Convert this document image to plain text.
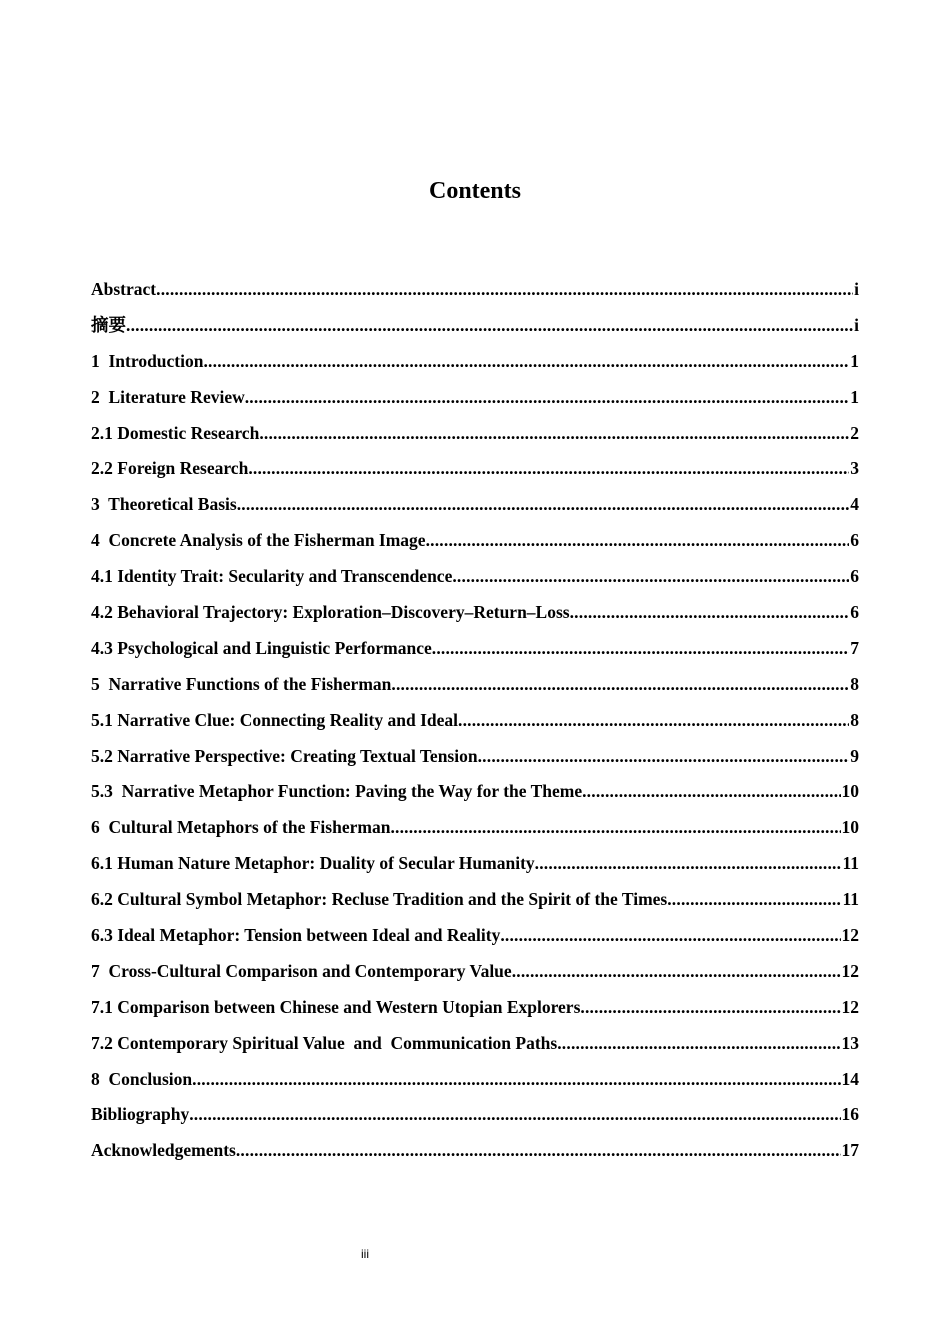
Contents
Abstract .....	i
摘要 .....	i
1  Introduction .....	1
2  Literature Review .....	1
2.1 Domestic Research .....	2
2.2 Foreign Research .....	3
3  Theoretical Basis .....	4
4  Concrete Analysis of the Fisherman Image .....	6
4.1 Identity Trait: Secularity and Transcendence .....	6
4.2 Behavioral Trajectory: Exploration–Discovery–Return–Loss .....	6
4.3 Psychological and Linguistic Performance .....	7
5  Narrative Functions of the Fisherman .....	8
5.1 Narrative Clue: Connecting Reality and Ideal .....	8
5.2 Narrative Perspective: Creating Textual Tension .....	9
5.3  Narrative Metaphor Function: Paving the Way for the Theme .....	10
6  Cultural Metaphors of the Fisherman .....	10
6.1 Human Nature Metaphor: Duality of Secular Humanity .....	11
6.2 Cultural Symbol Metaphor: Recluse Tradition and the Spirit of the Times .....	11
6.3 Ideal Metaphor: Tension between Ideal and Reality .....	12
7  Cross-Cultural Comparison and Contemporary Value .....	12
7.1 Comparison between Chinese and Western Utopian Explorers .....	12
7.2 Contemporary Spiritual Value  and  Communication Paths .....	13
8  Conclusion .....	14
Bibliography .....	16
Acknowledgements .....	17
iii
